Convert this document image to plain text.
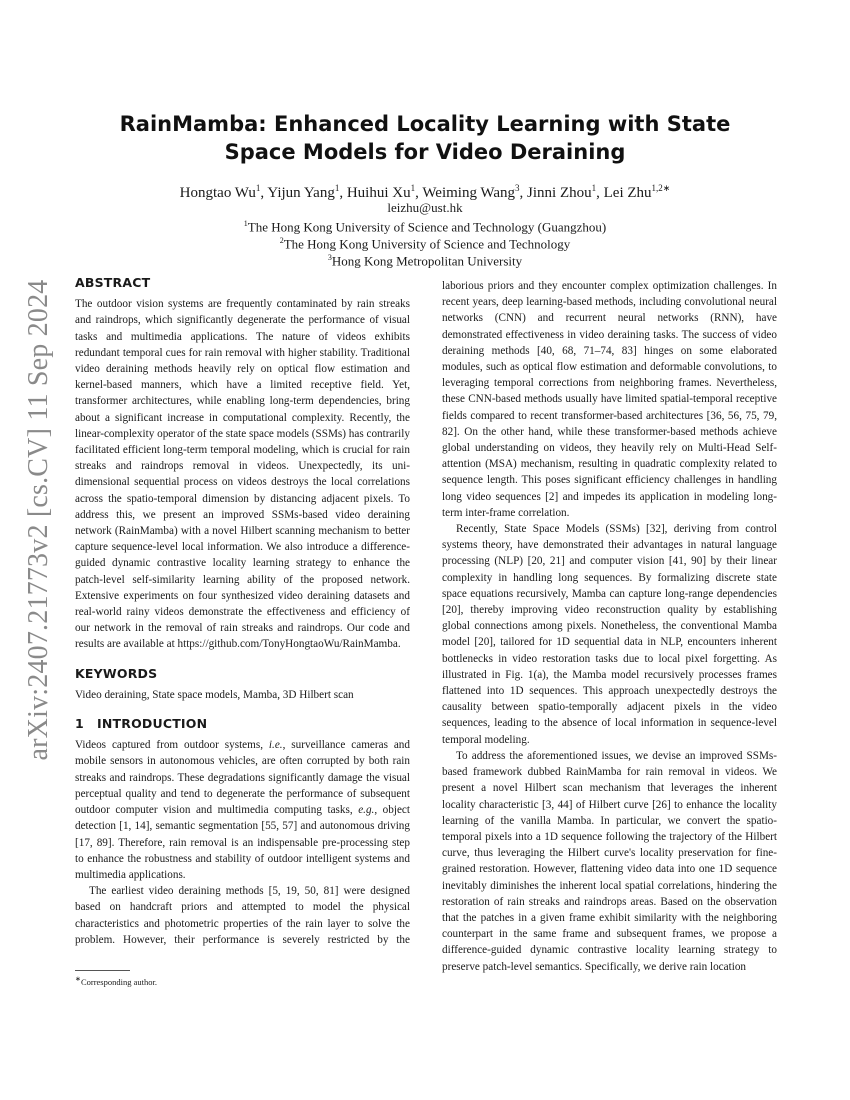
arXiv:2407.21773v2 [cs.CV] 11 Sep 2024
RainMamba: Enhanced Locality Learning with State Space Models for Video Deraining
Hongtao Wu$^1$, Yijun Yang$^1$, Huihui Xu$^1$, Weiming Wang$^3$, Jinni Zhou$^1$, Lei Zhu$^{1,2∗}$
leizhu@ust.hk
$^1$The Hong Kong University of Science and Technology (Guangzhou)
$^2$The Hong Kong University of Science and Technology
$^3$Hong Kong Metropolitan University
ABSTRACT

The outdoor vision systems are frequently contaminated by rain streaks and raindrops, which significantly degenerate the performance of visual tasks and multimedia applications. The nature of videos exhibits redundant temporal cues for rain removal with higher stability. Traditional video deraining methods heavily rely on optical flow estimation and kernel-based manners, which have a limited receptive field. Yet, transformer architectures, while enabling long-term dependencies, bring about a significant increase in computational complexity. Recently, the linear-complexity operator of the state space models (SSMs) has contrarily facilitated efficient long-term temporal modeling, which is crucial for rain streaks and raindrops removal in videos. Unexpectedly, its uni-dimensional sequential process on videos destroys the local correlations across the spatio-temporal dimension by distancing adjacent pixels. To address this, we present an improved SSMs-based video deraining network (RainMamba) with a novel Hilbert scanning mechanism to better capture sequence-level local information. We also introduce a difference-guided dynamic contrastive locality learning strategy to enhance the patch-level self-similarity learning ability of the proposed network. Extensive experiments on four synthesized video deraining datasets and real-world rainy videos demonstrate the effectiveness and efficiency of our network in the removal of rain streaks and raindrops. Our code and results are available at https://github.com/TonyHongtaoWu/RainMamba.

KEYWORDS

Video deraining, State space models, Mamba, 3D Hilbert scan

1 INTRODUCTION

Videos captured from outdoor systems, i.e., surveillance cameras and mobile sensors in autonomous vehicles, are often corrupted by both rain streaks and raindrops. These degradations significantly damage the visual perceptual quality and tend to degenerate the performance of subsequent outdoor computer vision and multimedia computing tasks, e.g., object detection [1, 14], semantic segmentation [55, 57] and autonomous driving [17, 89]. Therefore, rain removal is an indispensable pre-processing step to enhance the robustness and stability of outdoor intelligent systems and multimedia applications.

The earliest video deraining methods [5, 19, 50, 81] were designed based on handcraft priors and attempted to model the physical characteristics and photometric properties of the rain layer to solve the problem. However, their performance is severely restricted by the

laborious priors and they encounter complex optimization challenges. In recent years, deep learning-based methods, including convolutional neural networks (CNN) and recurrent neural networks (RNN), have demonstrated effectiveness in video deraining tasks. The success of video deraining methods [40, 68, 71–74, 83] hinges on some elaborated modules, such as optical flow estimation and deformable convolutions, to leveraging temporal corrections from neighboring frames. Nevertheless, these CNN-based methods usually have limited spatial-temporal receptive fields compared to recent transformer-based architectures [36, 56, 75, 79, 82]. On the other hand, while these transformer-based methods achieve global understanding on videos, they heavily rely on Multi-Head Self-attention (MSA) mechanism, resulting in quadratic complexity related to sequence length. This poses significant efficiency challenges in handling long video sequences [2] and impedes its application in modeling long-term inter-frame correlation.

Recently, State Space Models (SSMs) [32], deriving from control systems theory, have demonstrated their advantages in natural language processing (NLP) [20, 21] and computer vision [41, 90] by their linear complexity in handling long sequences. By formalizing discrete state space equations recursively, Mamba can capture long-range dependencies [20], thereby improving video reconstruction quality by establishing global connections among pixels. Nonetheless, the conventional Mamba model [20], tailored for 1D sequential data in NLP, encounters inherent bottlenecks in video restoration tasks due to local pixel forgetting. As illustrated in Fig. 1(a), the Mamba model recursively processes frames flattened into 1D sequences. This approach unexpectedly destroys the causality between spatio-temporally adjacent pixels in the video sequences, leading to the absence of local information in sequence-level temporal modeling.

To address the aforementioned issues, we devise an improved SSMs-based framework dubbed RainMamba for rain removal in videos. We present a novel Hilbert scan mechanism that leverages the inherent locality characteristic [3, 44] of Hilbert curve [26] to enhance the locality learning of the vanilla Mamba. In particular, we convert the spatio-temporal pixels into a 1D sequence following the trajectory of the Hilbert curve, thus leveraging the Hilbert curve's locality preservation for fine-grained restoration. However, flattening video data into one 1D sequence inevitably diminishes the inherent local spatial correlations, hindering the restoration of rain streaks and raindrops areas. Based on the observation that the patches in a given frame exhibit similarity with the neighboring counterpart in the same frame and subsequent frames, we propose a difference-guided dynamic contrastive locality learning strategy to preserve patch-level semantics. Specifically, we derive rain location

∗Corresponding author.
